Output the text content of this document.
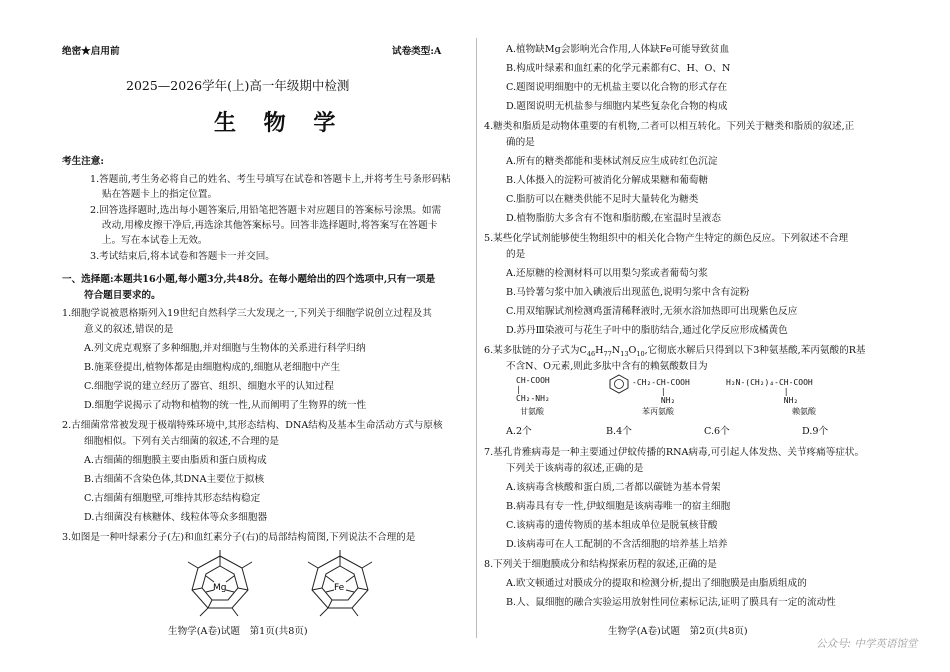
绝密★启用前	试卷类型:A
2025—2026学年(上)高一年级期中检测
生 物 学
考生注意:
1.答题前,考生务必将自己的姓名、考生号填写在试卷和答题卡上,并将考生号条形码粘
贴在答题卡上的指定位置。
2.回答选择题时,选出每小题答案后,用铅笔把答题卡对应题目的答案标号涂黑。如需
改动,用橡皮擦干净后,再选涂其他答案标号。回答非选择题时,将答案写在答题卡
上。写在本试卷上无效。
3.考试结束后,将本试卷和答题卡一并交回。
一、选择题:本题共16小题,每小题3分,共48分。在每小题给出的四个选项中,只有一项是
符合题目要求的。
1.细胞学说被恩格斯列入19世纪自然科学三大发现之一,下列关于细胞学说创立过程及其
意义的叙述,错误的是
A.列文虎克观察了多种细胞,并对细胞与生物体的关系进行科学归纳
B.施莱登提出,植物体都是由细胞构成的,细胞从老细胞中产生
C.细胞学说的建立经历了器官、组织、细胞水平的认知过程
D.细胞学说揭示了动物和植物的统一性,从而阐明了生物界的统一性
2.古细菌常常被发现于极端特殊环境中,其形态结构、DNA结构及基本生命活动方式与原核
细胞相似。下列有关古细菌的叙述,不合理的是
A.古细菌的细胞膜主要由脂质和蛋白质构成
B.古细菌不含染色体,其DNA主要位于拟核
C.古细菌有细胞壁,可维持其形态结构稳定
D.古细菌没有核糖体、线粒体等众多细胞器
3.如图是一种叶绿素分子(左)和血红素分子(右)的局部结构简图,下列说法不合理的是
Mg	Fe
生物学(A卷)试题　第1页(共8页)
A.植物缺Mg会影响光合作用,人体缺Fe可能导致贫血
B.构成叶绿素和血红素的化学元素都有C、H、O、N
C.题图说明细胞中的无机盐主要以化合物的形式存在
D.题图说明无机盐参与细胞内某些复杂化合物的构成
4.糖类和脂质是动物体重要的有机物,二者可以相互转化。下列关于糖类和脂质的叙述,正
确的是
A.所有的糖类都能和斐林试剂反应生成砖红色沉淀
B.人体摄入的淀粉可被消化分解成果糖和葡萄糖
C.脂肪可以在糖类供能不足时大量转化为糖类
D.植物脂肪大多含有不饱和脂肪酸,在室温时呈液态
5.某些化学试剂能够使生物组织中的相关化合物产生特定的颜色反应。下列叙述不合理
的是
A.还原糖的检测材料可以用梨匀浆或者葡萄匀浆
B.马铃薯匀浆中加入碘液后出现蓝色,说明匀浆中含有淀粉
C.用双缩脲试剂检测鸡蛋清稀释液时,无须水浴加热即可出现紫色反应
D.苏丹Ⅲ染液可与花生子叶中的脂肪结合,通过化学反应形成橘黄色
6.某多肽链的分子式为$C_{46}H_{77}N_{13}O_{10}$,它彻底水解后只得到以下3种氨基酸,苯丙氨酸的R基
不含N、O元素,则此多肽中含有的赖氨酸数目为
CH-COOH
|
CH₂-NH₂
甘氨酸
-CH₂-CH-COOH
|
NH₂
苯丙氨酸
H₂N-(CH₂)₄-CH-COOH
|
NH₂
赖氨酸
A.2个	B.4个	C.6个	D.9个
7.基孔肯雅病毒是一种主要通过伊蚊传播的RNA病毒,可引起人体发热、关节疼痛等症状。
下列关于该病毒的叙述,正确的是
A.该病毒含核酸和蛋白质,二者都以碳链为基本骨架
B.病毒具有专一性,伊蚊细胞是该病毒唯一的宿主细胞
C.该病毒的遗传物质的基本组成单位是脱氧核苷酸
D.该病毒可在人工配制的不含活细胞的培养基上培养
8.下列关于细胞膜成分和结构探索历程的叙述,正确的是
A.欧文顿通过对膜成分的提取和检测分析,提出了细胞膜是由脂质组成的
B.人、鼠细胞的融合实验运用放射性同位素标记法,证明了膜具有一定的流动性
生物学(A卷)试题　第2页(共8页)
公众号: 中学英语馆堂
